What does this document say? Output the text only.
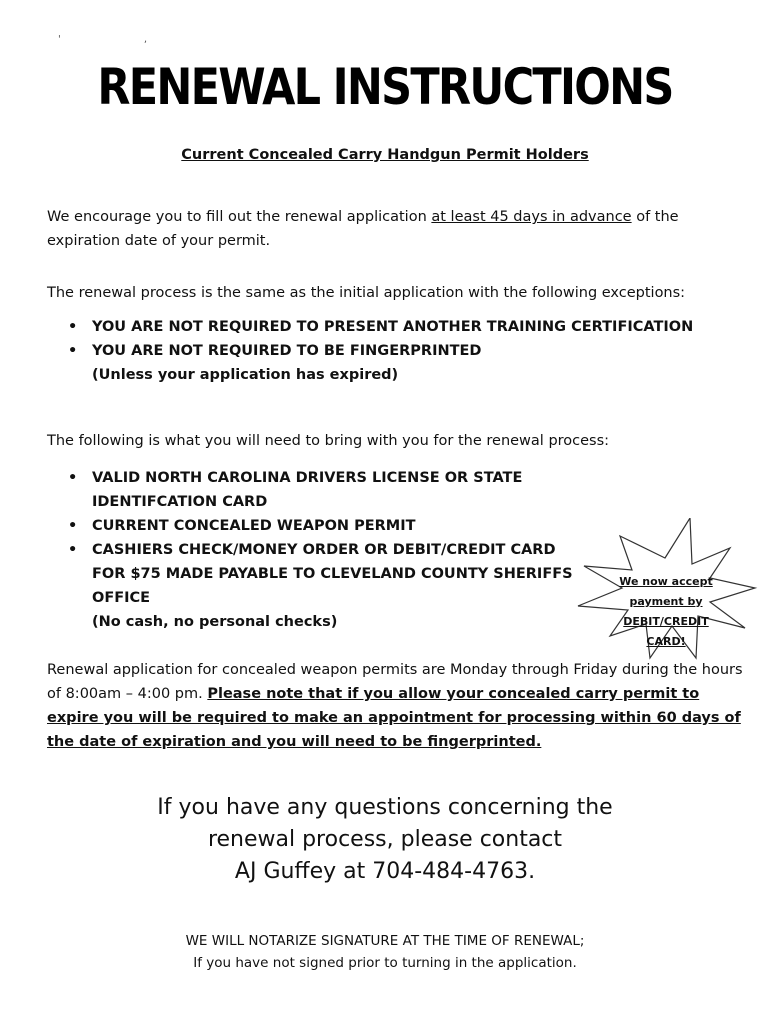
' ,
RENEWAL INSTRUCTIONS

Current Concealed Carry Handgun Permit Holders

We encourage you to fill out the renewal application at least 45 days in advance of the expiration date of your permit.

The renewal process is the same as the initial application with the following exceptions:

• YOU ARE NOT REQUIRED TO PRESENT ANOTHER TRAINING CERTIFICATION
• YOU ARE NOT REQUIRED TO BE FINGERPRINTED
(Unless your application has expired)

The following is what you will need to bring with you for the renewal process:

• VALID NORTH CAROLINA DRIVERS LICENSE OR STATE IDENTIFCATION CARD
• CURRENT CONCEALED WEAPON PERMIT
• CASHIERS CHECK/MONEY ORDER OR DEBIT/CREDIT CARD FOR $75 MADE PAYABLE TO CLEVELAND COUNTY SHERIFFS OFFICE
(No cash, no personal checks)
We now accept
payment by
DEBIT/CREDIT
CARD!

Renewal application for concealed weapon permits are Monday through Friday during the hours of 8:00am – 4:00 pm. Please note that if you allow your concealed carry permit to expire you will be required to make an appointment for processing within 60 days of the date of expiration and you will need to be fingerprinted.

If you have any questions concerning the
renewal process, please contact
AJ Guffey at 704-484-4763.
WE WILL NOTARIZE SIGNATURE AT THE TIME OF RENEWAL;
If you have not signed prior to turning in the application.
